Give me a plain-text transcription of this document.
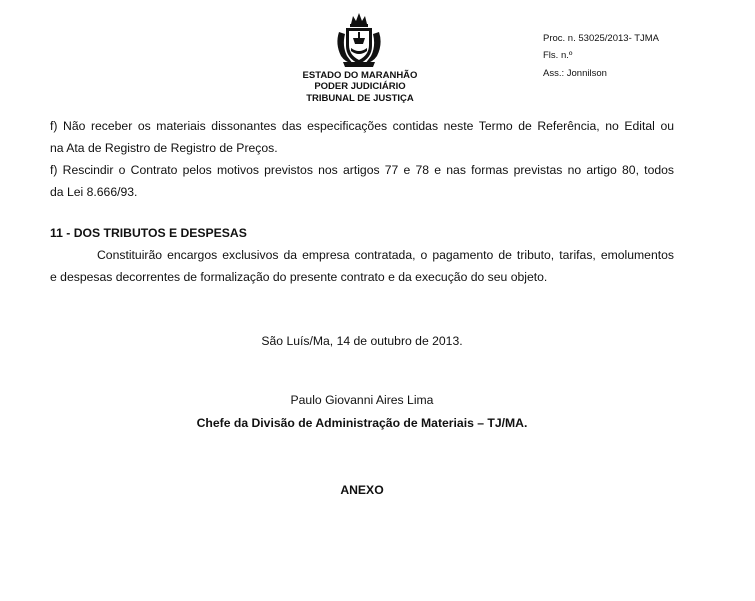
ESTADO DO MARANHÃO
PODER JUDICIÁRIO
TRIBUNAL DE JUSTIÇA
Proc. n. 53025/2013- TJMA
Fls. n.º
Ass.: Jonnilson
f) Não receber os materiais dissonantes das especificações contidas neste Termo de Referência, no Edital ou
na Ata de Registro de Registro de Preços.
f) Rescindir o Contrato pelos motivos previstos nos artigos 77 e 78 e nas formas previstas no artigo 80, todos
da Lei 8.666/93.
11 - DOS TRIBUTOS E DESPESAS
Constituirão encargos exclusivos da empresa contratada, o pagamento de tributo, tarifas, emolumentos
e despesas decorrentes de formalização do presente contrato e da execução do seu objeto.
São Luís/Ma, 14 de outubro de 2013.
Paulo Giovanni Aires Lima
Chefe da Divisão de Administração de Materiais – TJ/MA.
ANEXO
